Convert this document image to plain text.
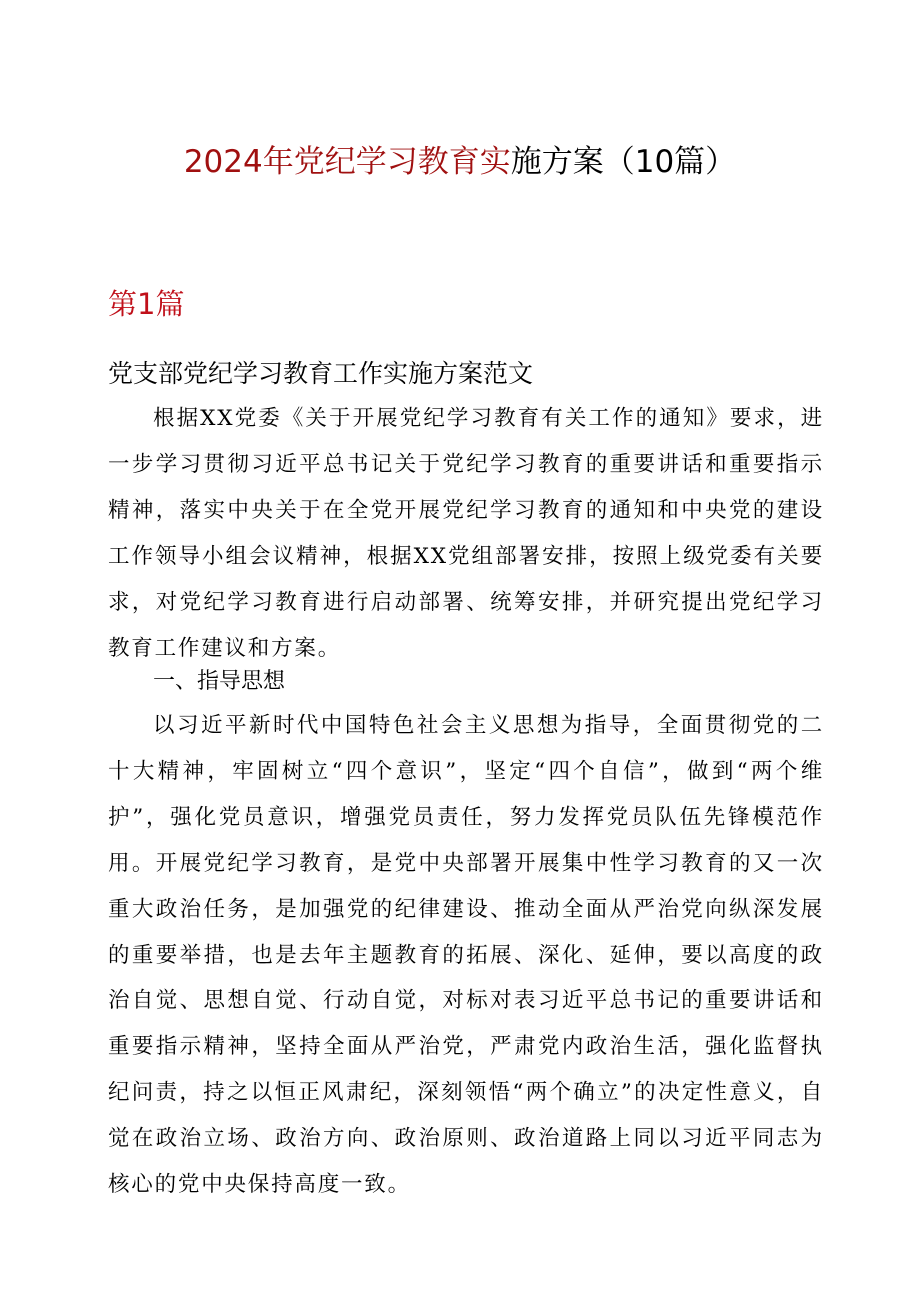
2024年党纪学习教育实施方案（10篇）
第1篇
党支部党纪学习教育工作实施方案范文

根据XX党委《关于开展党纪学习教育有关工作的通知》要求，进一步学习贯彻习近平总书记关于党纪学习教育的重要讲话和重要指示精神，落实中央关于在全党开展党纪学习教育的通知和中央党的建设工作领导小组会议精神，根据XX党组部署安排，按照上级党委有关要求，对党纪学习教育进行启动部署、统筹安排，并研究提出党纪学习教育工作建议和方案。

一、指导思想

以习近平新时代中国特色社会主义思想为指导，全面贯彻党的二十大精神，牢固树立“四个意识”，坚定“四个自信”，做到“两个维护”，强化党员意识，增强党员责任，努力发挥党员队伍先锋模范作用。开展党纪学习教育，是党中央部署开展集中性学习教育的又一次重大政治任务，是加强党的纪律建设、推动全面从严治党向纵深发展的重要举措，也是去年主题教育的拓展、深化、延伸，要以高度的政治自觉、思想自觉、行动自觉，对标对表习近平总书记的重要讲话和重要指示精神，坚持全面从严治党，严肃党内政治生活，强化监督执纪问责，持之以恒正风肃纪，深刻领悟“两个确立”的决定性意义，自觉在政治立场、政治方向、政治原则、政治道路上同以习近平同志为核心的党中央保持高度一致。
